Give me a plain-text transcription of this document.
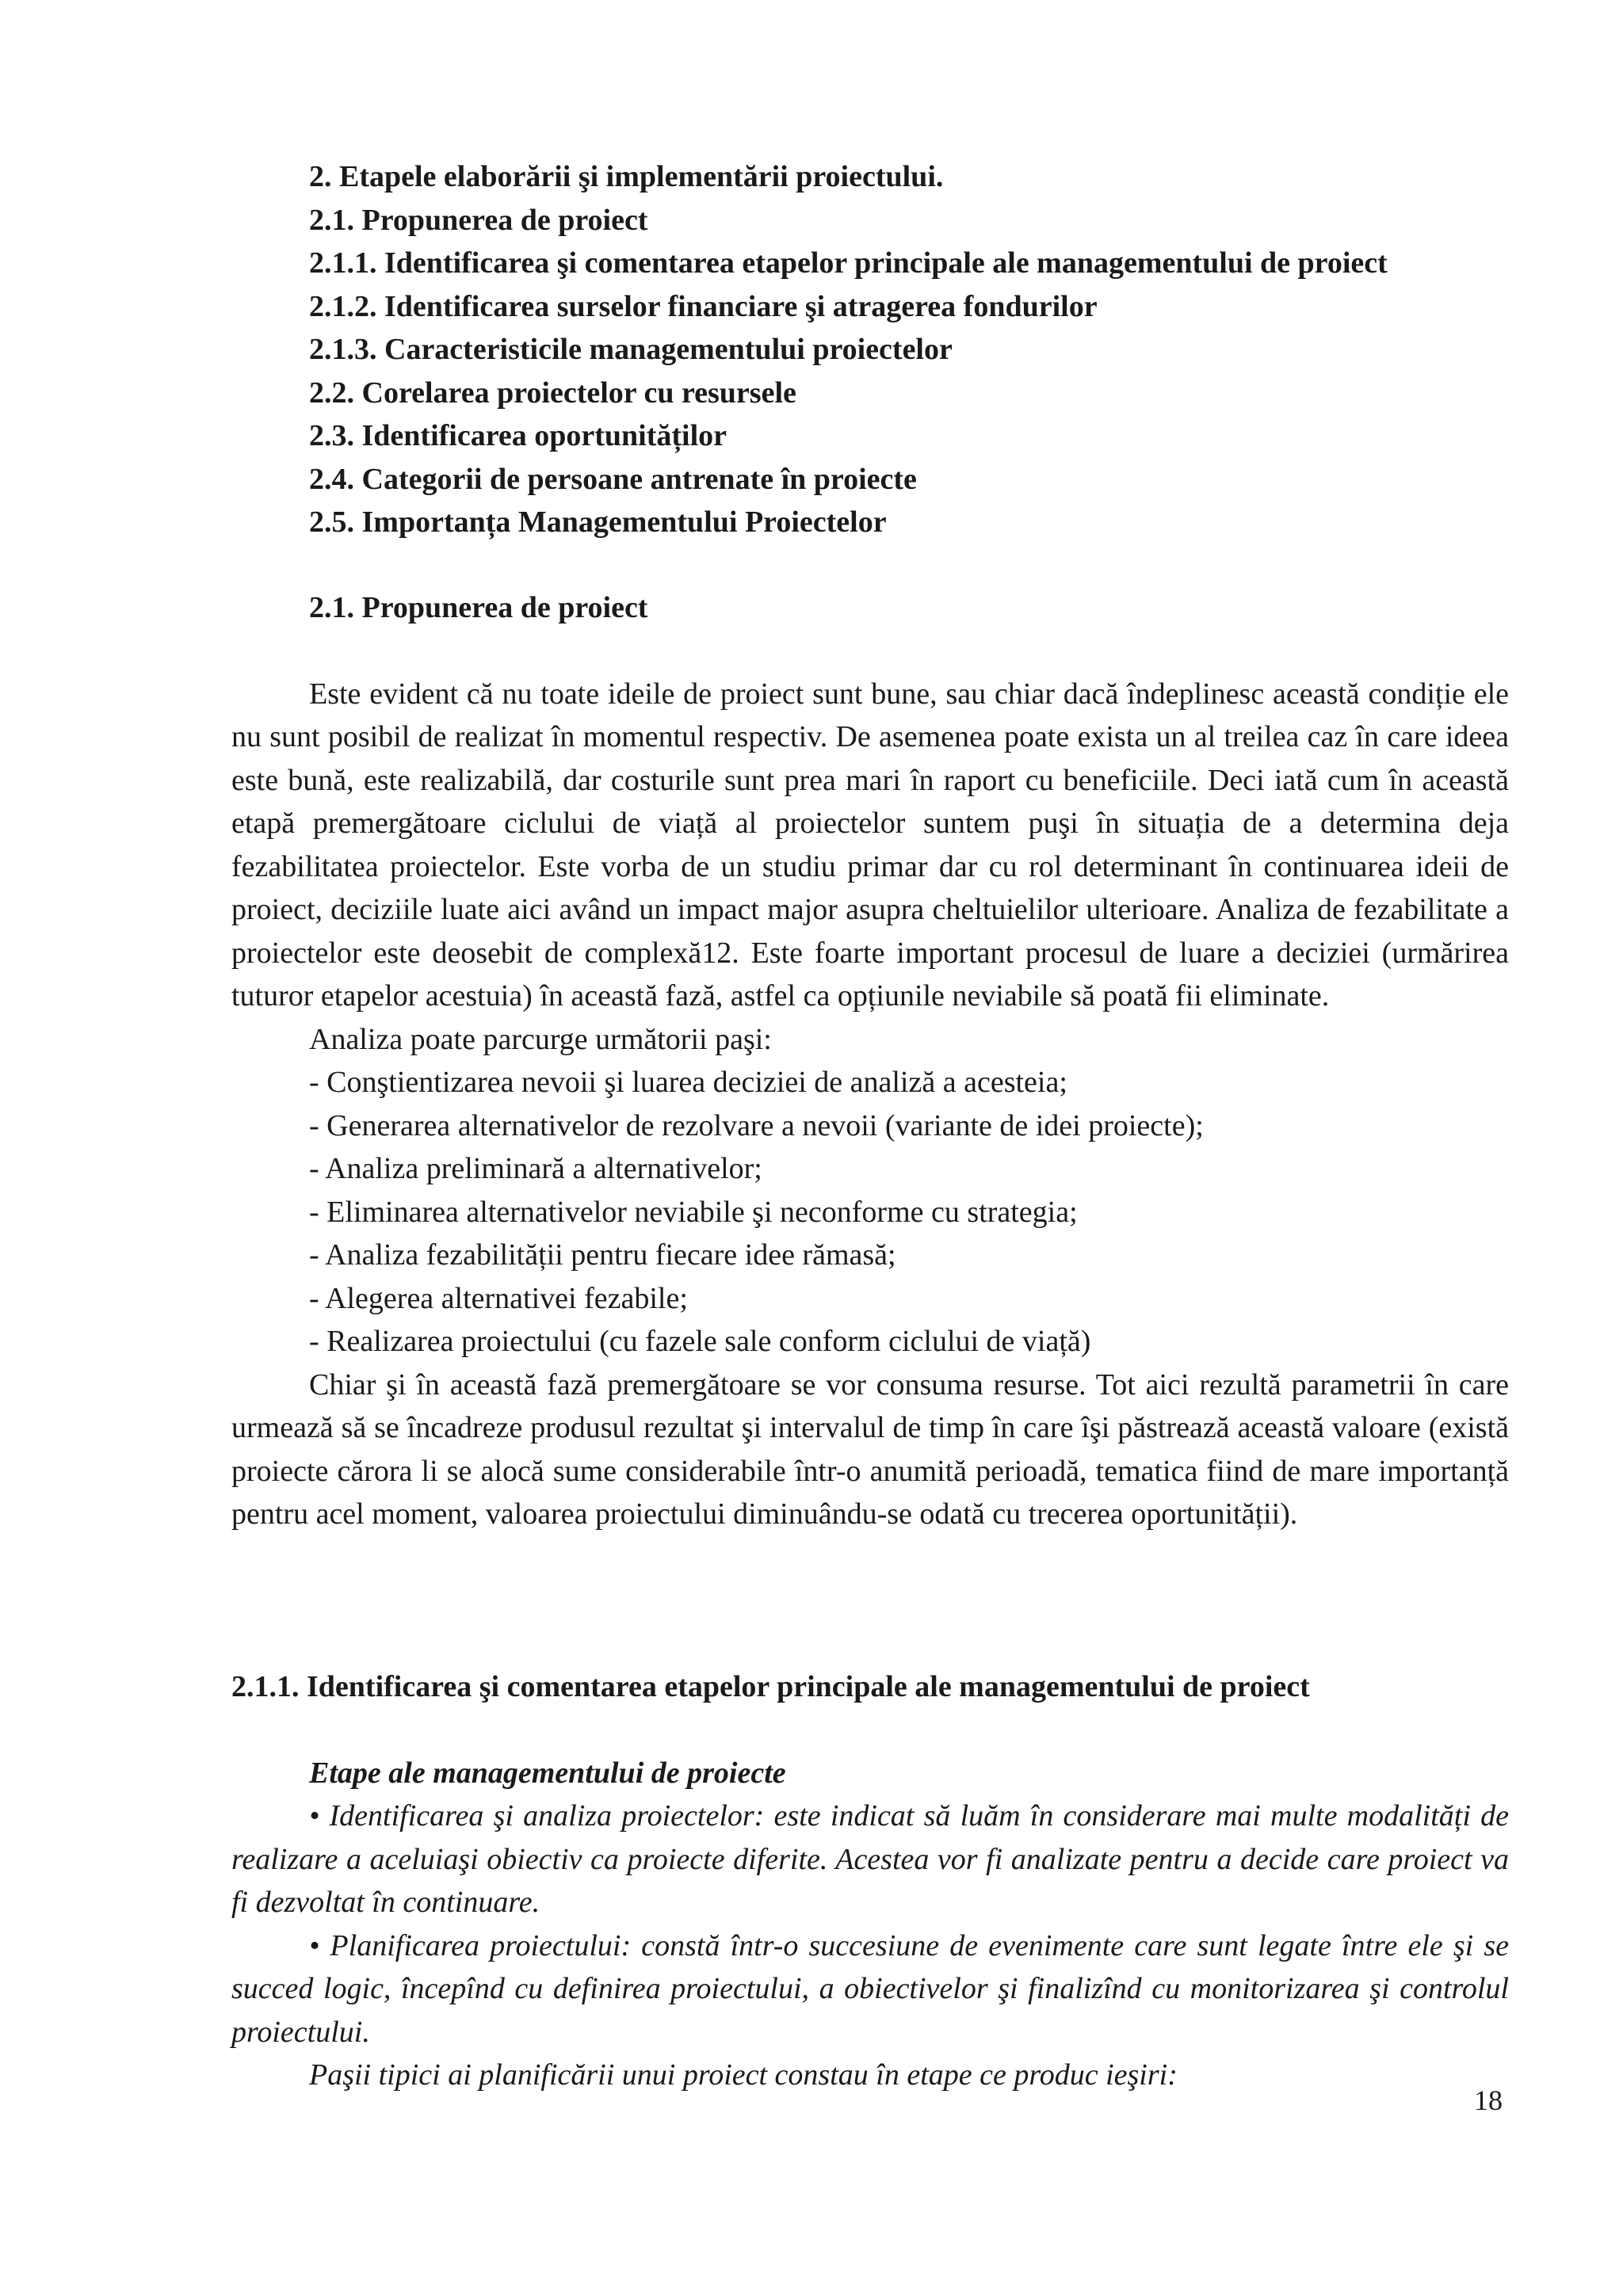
2. Etapele elaborării şi implementării proiectului.
2.1. Propunerea de proiect
2.1.1. Identificarea şi comentarea etapelor principale ale managementului de proiect
2.1.2. Identificarea surselor financiare şi atragerea fondurilor
2.1.3. Caracteristicile managementului proiectelor
2.2. Corelarea proiectelor cu resursele
2.3. Identificarea oportunităților
2.4. Categorii de persoane antrenate în proiecte
2.5. Importanța Managementului Proiectelor
2.1. Propunerea de proiect

Este evident că nu toate ideile de proiect sunt bune, sau chiar dacă îndeplinesc această condiție ele nu sunt posibil de realizat în momentul respectiv. De asemenea poate exista un al treilea caz în care ideea este bună, este realizabilă, dar costurile sunt prea mari în raport cu beneficiile. Deci iată cum în această etapă premergătoare ciclului de viață al proiectelor suntem puşi în situația de a determina deja fezabilitatea proiectelor. Este vorba de un studiu primar dar cu rol determinant în continuarea ideii de proiect, deciziile luate aici având un impact major asupra cheltuielilor ulterioare. Analiza de fezabilitate a proiectelor este deosebit de complexă12. Este foarte important procesul de luare a deciziei (urmărirea tuturor etapelor acestuia) în această fază, astfel ca opțiunile neviabile să poată fii eliminate.

Analiza poate parcurge următorii paşi:
- Conştientizarea nevoii şi luarea deciziei de analiză a acesteia;
- Generarea alternativelor de rezolvare a nevoii (variante de idei proiecte);
- Analiza preliminară a alternativelor;
- Eliminarea alternativelor neviabile şi neconforme cu strategia;
- Analiza fezabilității pentru fiecare idee rămasă;
- Alegerea alternativei fezabile;
- Realizarea proiectului (cu fazele sale conform ciclului de viață)

Chiar şi în această fază premergătoare se vor consuma resurse. Tot aici rezultă parametrii în care urmează să se încadreze produsul rezultat şi intervalul de timp în care îşi păstrează această valoare (există proiecte cărora li se alocă sume considerabile într-o anumită perioadă, tematica fiind de mare importanță pentru acel moment, valoarea proiectului diminuându-se odată cu trecerea oportunității).

2.1.1. Identificarea şi comentarea etapelor principale ale managementului de proiect
Etape ale managementului de proiecte

• Identificarea şi analiza proiectelor: este indicat să luăm în considerare mai multe modalități de realizare a aceluiaşi obiectiv ca proiecte diferite. Acestea vor fi analizate pentru a decide care proiect va fi dezvoltat în continuare.

• Planificarea proiectului: constă într-o succesiune de evenimente care sunt legate între ele şi se succed logic, începînd cu definirea proiectului, a obiectivelor şi finalizînd cu monitorizarea şi controlul proiectului.

Paşii tipici ai planificării unui proiect constau în etape ce produc ieşiri:
18
